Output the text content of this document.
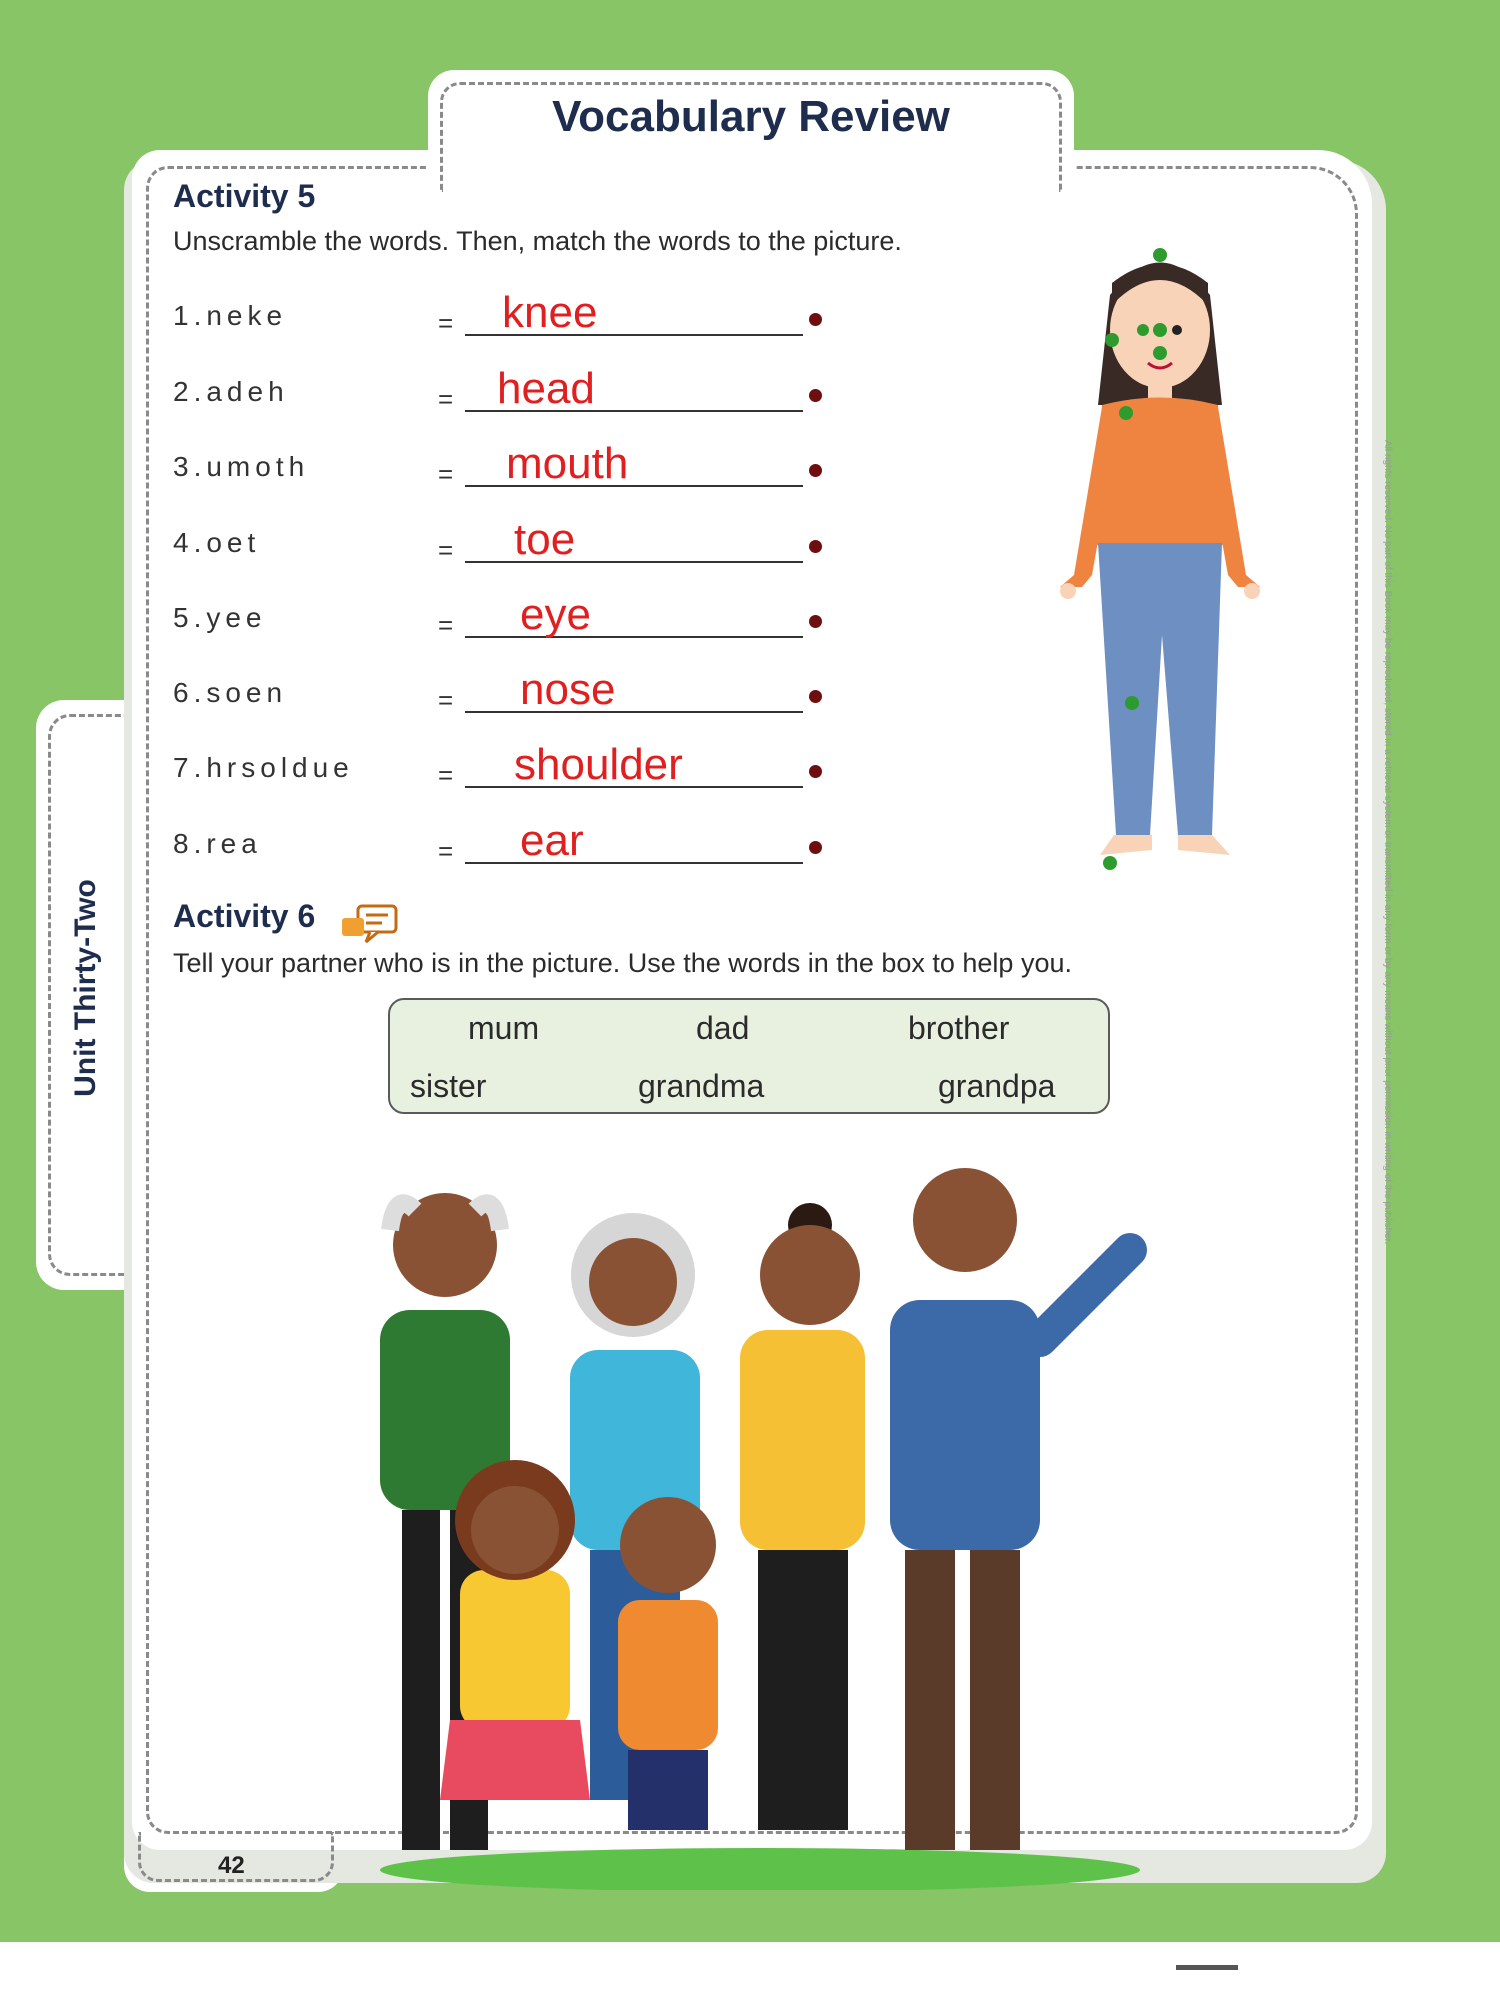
42
Vocabulary Review
Unit Thirty-Two
Activity 5
Unscramble the words. Then, match the words to the picture.
1.neke	= knee
2.adeh	= head
3.umoth	= mouth
4.oet	= toe
5.yee	= eye
6.soen	= nose
7.hrsoldue	= shoulder
8.rea	= ear
Activity 6
Tell your partner who is in the picture. Use the words in the box to help you.
mum	dad	brother
sister	grandma	grandpa	All rights reserved. No part of this Book may be reproduced, stored in a retrieval system or transmitted in any form or by any means without prior permission in writing of the publisher.
